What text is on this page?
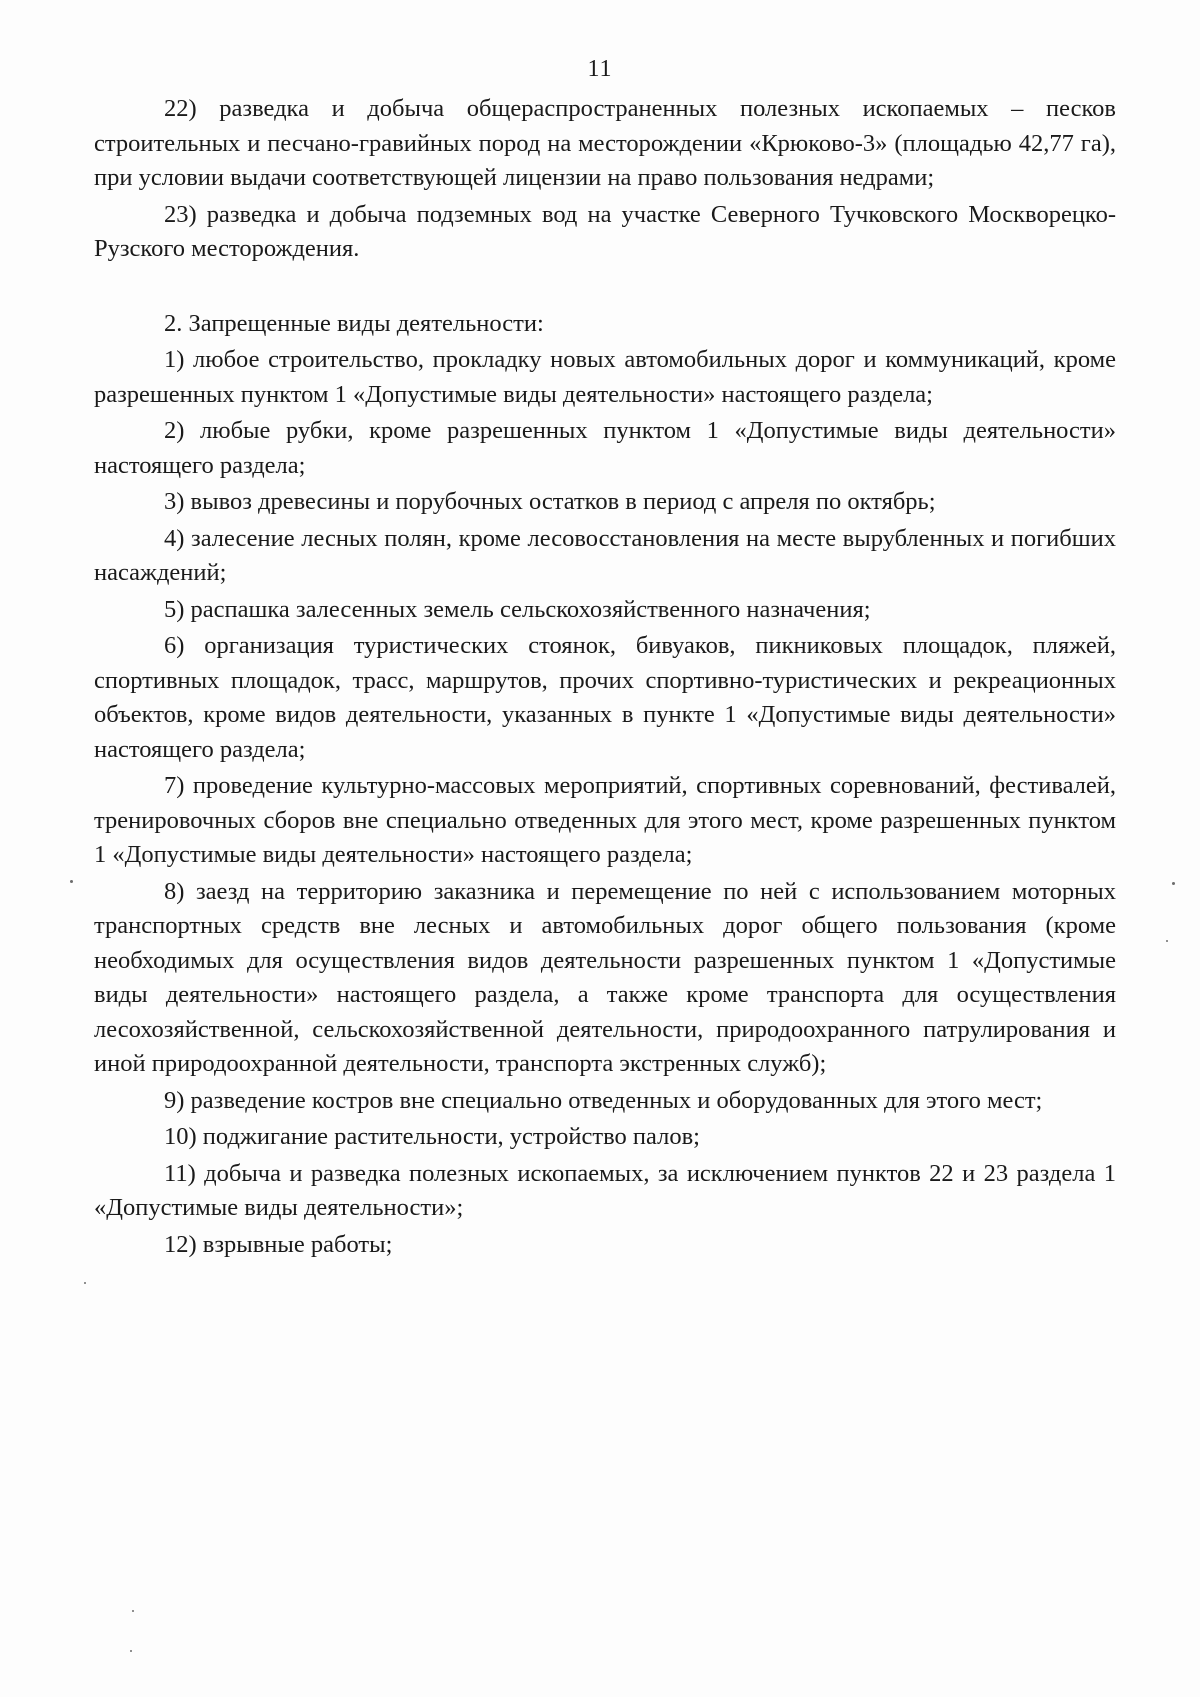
11

22) разведка и добыча общераспространенных полезных ископаемых – песков строительных и песчано-гравийных пород на месторождении «Крюково-3» (площадью 42,77 га), при условии выдачи соответствующей лицензии на право пользования недрами;

23) разведка и добыча подземных вод на участке Северного Тучковского Москворецко-Рузского месторождения.

2. Запрещенные виды деятельности:

1) любое строительство, прокладку новых автомобильных дорог и коммуникаций, кроме разрешенных пунктом 1 «Допустимые виды деятельности» настоящего раздела;

2) любые рубки, кроме разрешенных пунктом 1 «Допустимые виды деятельности» настоящего раздела;

3) вывоз древесины и порубочных остатков в период с апреля по октябрь;

4) залесение лесных полян, кроме лесовосстановления на месте вырубленных и погибших насаждений;

5) распашка залесенных земель сельскохозяйственного назначения;

6) организация туристических стоянок, бивуаков, пикниковых площадок, пляжей, спортивных площадок, трасс, маршрутов, прочих спортивно-туристических и рекреационных объектов, кроме видов деятельности, указанных в пункте 1 «Допустимые виды деятельности» настоящего раздела;

7) проведение культурно-массовых мероприятий, спортивных соревнований, фестивалей, тренировочных сборов вне специально отведенных для этого мест, кроме разрешенных пунктом 1 «Допустимые виды деятельности» настоящего раздела;

8) заезд на территорию заказника и перемещение по ней с использованием моторных транспортных средств вне лесных и автомобильных дорог общего пользования (кроме необходимых для осуществления видов деятельности разрешенных пунктом 1 «Допустимые виды деятельности» настоящего раздела, а также кроме транспорта для осуществления лесохозяйственной, сельскохозяйственной деятельности, природоохранного патрулирования и иной природоохранной деятельности, транспорта экстренных служб);

9) разведение костров вне специально отведенных и оборудованных для этого мест;

10) поджигание растительности, устройство палов;

11) добыча и разведка полезных ископаемых, за исключением пунктов 22 и 23 раздела 1 «Допустимые виды деятельности»;

12) взрывные работы;
